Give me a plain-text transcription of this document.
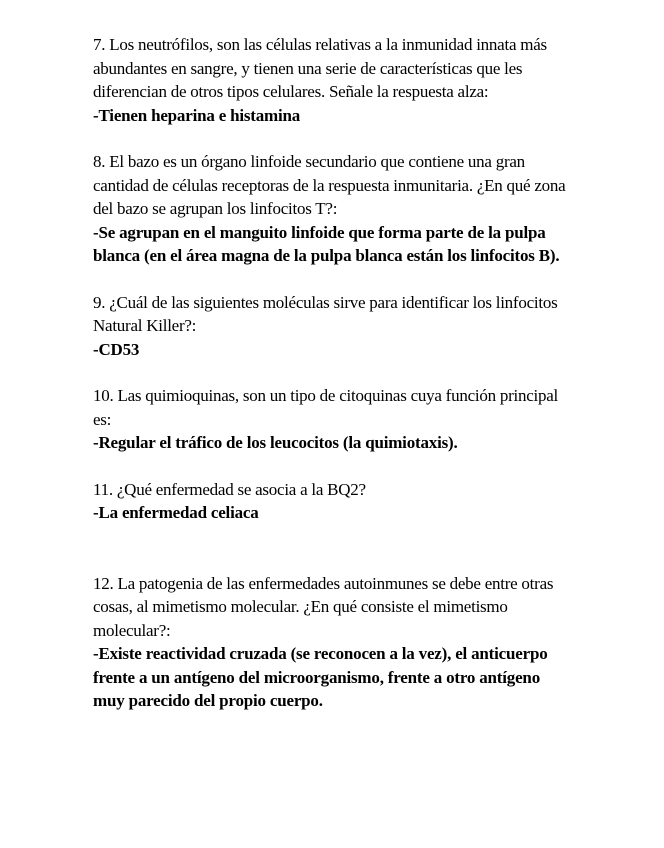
7. Los neutrófilos, son las células relativas a la inmunidad innata más abundantes en sangre, y tienen una serie de características que les diferencian de otros tipos celulares. Señale la respuesta alza:

-Tienen heparina e histamina

8. El bazo es un órgano linfoide secundario que contiene una gran cantidad de células receptoras de la respuesta inmunitaria. ¿En qué zona del bazo se agrupan los linfocitos T?:

-Se agrupan en el manguito linfoide que forma parte de la pulpa blanca (en el área magna de la pulpa blanca están los linfocitos B).

9. ¿Cuál de las siguientes moléculas sirve para identificar los linfocitos Natural Killer?:

-CD53

10. Las quimioquinas, son un tipo de citoquinas cuya función principal es:

-Regular el tráfico de los leucocitos (la quimiotaxis).

11. ¿Qué enfermedad se asocia a la BQ2?

-La enfermedad celiaca

12. La patogenia de las enfermedades autoinmunes se debe entre otras cosas, al mimetismo molecular. ¿En qué consiste el mimetismo molecular?:

-Existe reactividad cruzada (se reconocen a la vez), el anticuerpo frente a un antígeno del microorganismo, frente a otro antígeno muy parecido del propio cuerpo.
